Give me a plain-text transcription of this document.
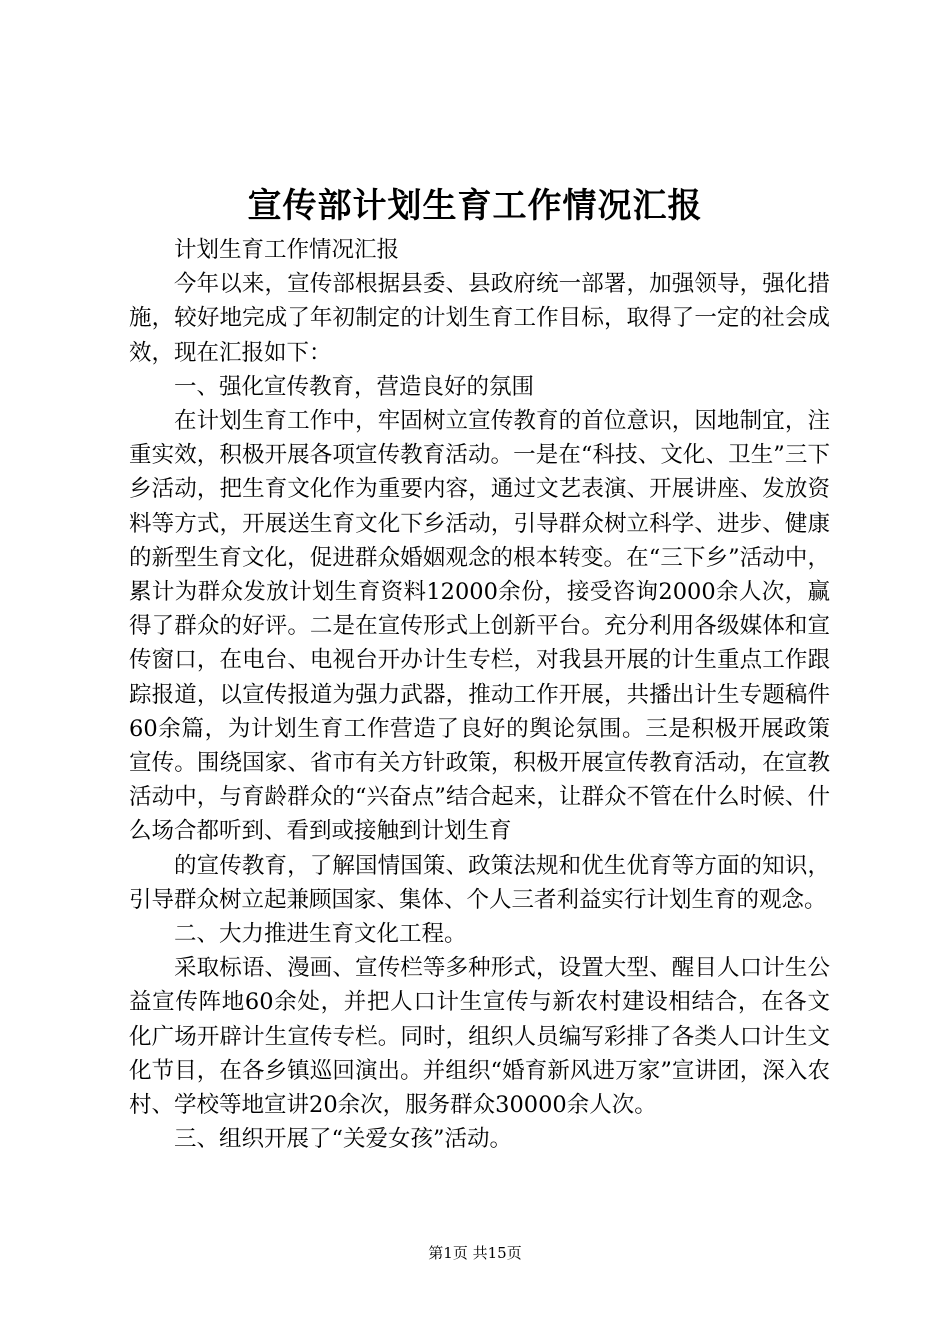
宣传部计划生育工作情况汇报

计划生育工作情况汇报

今年以来，宣传部根据县委、县政府统一部署，加强领导，强化措施，较好地完成了年初制定的计划生育工作目标，取得了一定的社会成效，现在汇报如下：

一、强化宣传教育，营造良好的氛围

在计划生育工作中，牢固树立宣传教育的首位意识，因地制宜，注重实效，积极开展各项宣传教育活动。一是在“科技、文化、卫生”三下乡活动，把生育文化作为重要内容，通过文艺表演、开展讲座、发放资料等方式，开展送生育文化下乡活动，引导群众树立科学、进步、健康的新型生育文化，促进群众婚姻观念的根本转变。在“三下乡”活动中，累计为群众发放计划生育资料12000余份，接受咨询2000余人次，赢得了群众的好评。二是在宣传形式上创新平台。充分利用各级媒体和宣传窗口，在电台、电视台开办计生专栏，对我县开展的计生重点工作跟踪报道，以宣传报道为强力武器，推动工作开展，共播出计生专题稿件60余篇，为计划生育工作营造了良好的舆论氛围。三是积极开展政策宣传。围绕国家、省市有关方针政策，积极开展宣传教育活动，在宣教活动中，与育龄群众的“兴奋点”结合起来，让群众不管在什么时候、什么场合都听到、看到或接触到计划生育

的宣传教育，了解国情国策、政策法规和优生优育等方面的知识，引导群众树立起兼顾国家、集体、个人三者利益实行计划生育的观念。

二、大力推进生育文化工程。

采取标语、漫画、宣传栏等多种形式，设置大型、醒目人口计生公益宣传阵地60余处，并把人口计生宣传与新农村建设相结合，在各文化广场开辟计生宣传专栏。同时，组织人员编写彩排了各类人口计生文化节目，在各乡镇巡回演出。并组织“婚育新风进万家”宣讲团，深入农村、学校等地宣讲20余次，服务群众30000余人次。

三、组织开展了“关爱女孩”活动。

第1页 共15页
